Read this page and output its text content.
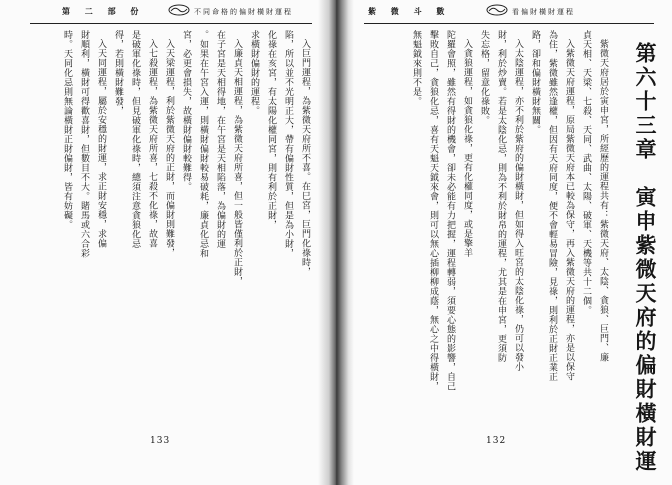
第 二 部 份	不同命格的偏財橫財運程
入巨門運程，為紫微天府所不喜。在巳宮，巨門化祿時，
陷，所以並不光明正大，帶有偏財性質，但是為小財，
化祿在亥宮，有太陽化權同宮，則有利於正財，
求橫財偏財的運程。
入廉貞天相運程，為紫微天府所喜，但一般皆僅利於正財，
在子宮是天相得地，在午宮是天相陷落，為偏財的運
。如果在午宮入運，則橫財偏財較易破耗，廉貞化忌和
宮，必更會損失，故橫財偏財較難得。
入天梁運程，利於紫微天府的正財，而偏財則難發，
入七殺運程，為紫微天府所喜，七殺不化祿，故喜
是破軍化祿時，但見破軍化祿時，總須注意貪狼化忌
得，若則橫財難發，
入天同運程，屬於安穩的財運，求正財安穩，求偏
財順利，橫財可得歡喜財，但數目不大。賭馬或六合彩
時。天同化忌則無論橫財正財偏財，皆有妨礙。
133
紫 微 斗 數	看偏財橫財運程
第六十三章　寅申紫微天府的偏財橫財運
紫微天府居於寅申宮，所經歷的運程共有：紫微天府、太陰、貪狼、巨門、廉
貞天相、天梁、七殺、天同、武曲、太陽、破軍、天機等共十二個。
入紫微天府運程，原局紫微天府本已較為保守，再入紫微天府的運程，亦是以保守
為住，紫微雖然逢權，但因有天府同度，便不會輕易冒險，見祿，則利於正財正業正
路，卻和偏財橫財無關。
入太陰運程，亦不利於紫府的偏財橫財，但如得入旺宮的太陰化祿，仍可以發小
財，利於炒賣。若是太陰化忌，則為不利於財帛的運程，尤其是在申宮，更須防
失忘格，留意化祿敗。
入貪狼運程，如貪狼化祿，更有化權同度，或是擎羊
陀羅會照，雖然有得財的機會，卻未必能有力把握，運程轉弱，須要心態的影響，自己
擊敗自己，貪狼化忌，喜有天魁天鉞來會，則可以無心插柳柳成蔭，無心之中得橫財，
無魁鉞來則不是。
132
